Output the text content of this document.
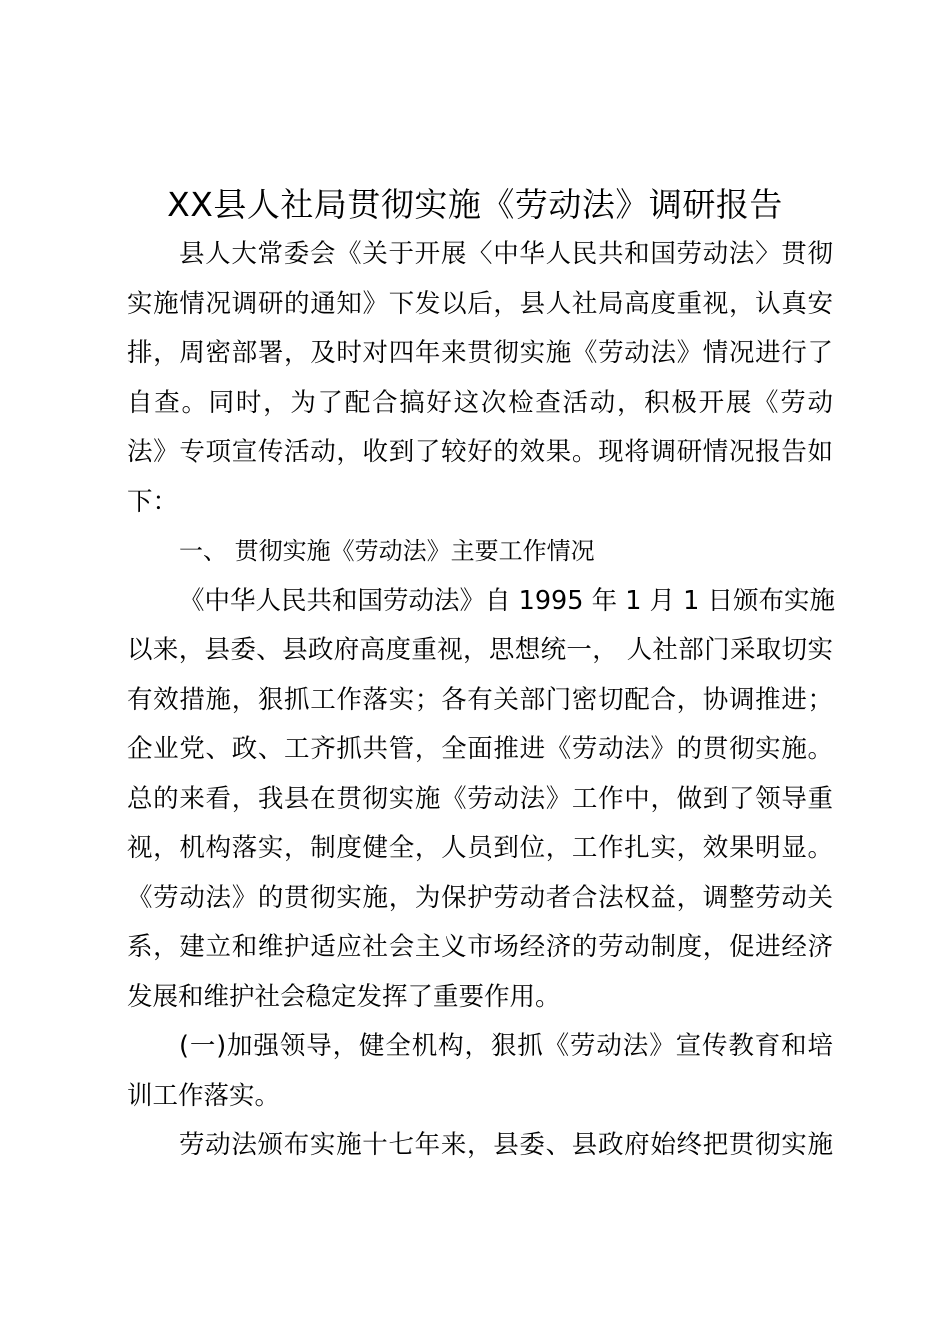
XX县人社局贯彻实施《劳动法》调研报告
县人大常委会《关于开展〈中华人民共和国劳动法〉贯彻
实施情况调研的通知》下发以后，县人社局高度重视，认真安
排，周密部署，及时对四年来贯彻实施《劳动法》情况进行了
自查。同时，为了配合搞好这次检查活动，积极开展《劳动
法》专项宣传活动，收到了较好的效果。现将调研情况报告如
下：
一、 贯彻实施《劳动法》主要工作情况
《中华人民共和国劳动法》自 1995 年 1 月 1 日颁布实施
以来，县委、县政府高度重视，思想统一， 人社部门采取切实
有效措施，狠抓工作落实；各有关部门密切配合，协调推进；
企业党、政、工齐抓共管，全面推进《劳动法》的贯彻实施。
总的来看，我县在贯彻实施《劳动法》工作中，做到了领导重
视，机构落实，制度健全，人员到位，工作扎实，效果明显。
《劳动法》的贯彻实施，为保护劳动者合法权益，调整劳动关
系，建立和维护适应社会主义市场经济的劳动制度，促进经济
发展和维护社会稳定发挥了重要作用。
(一)加强领导，健全机构，狠抓《劳动法》宣传教育和培
训工作落实。
劳动法颁布实施十七年来，县委、县政府始终把贯彻实施
